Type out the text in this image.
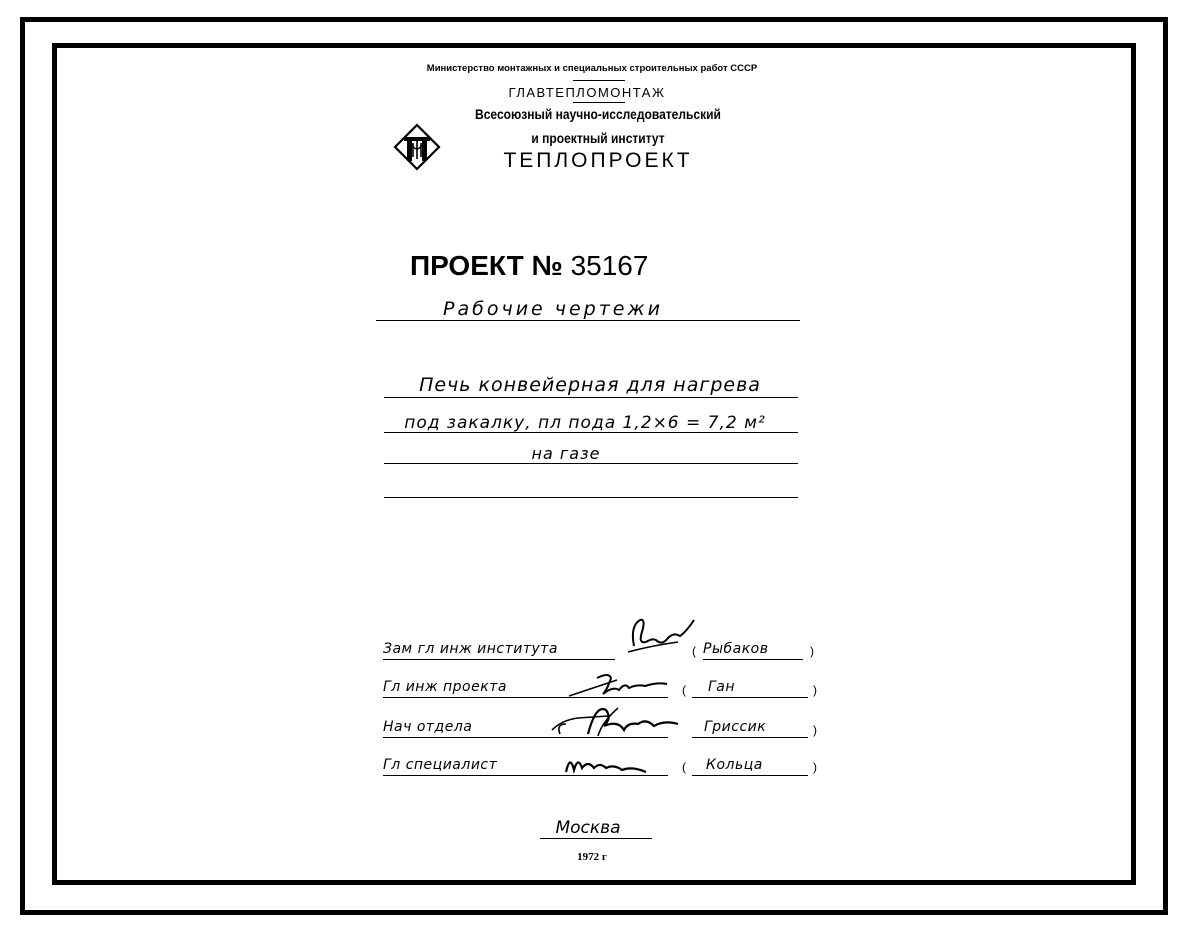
Министерство монтажных и специальных строительных работ СССР
ГЛАВТЕПЛОМОНТАЖ
Всесоюзный научно-исследовательский
и проектный институт
ТЕПЛОПРОЕКТ
ПРОЕКТ № 35167
Рабочие чертежи
Печь конвейерная для нагрева
под закалку, пл пода 1,2×6 = 7,2 м²
на газе
Зам гл инж института	( Рыбаков	)
Гл инж проекта	( Ган	)
Нач отдела	Гриссик	)
Гл специалист	( Кольца	)
Москва
1972 г
